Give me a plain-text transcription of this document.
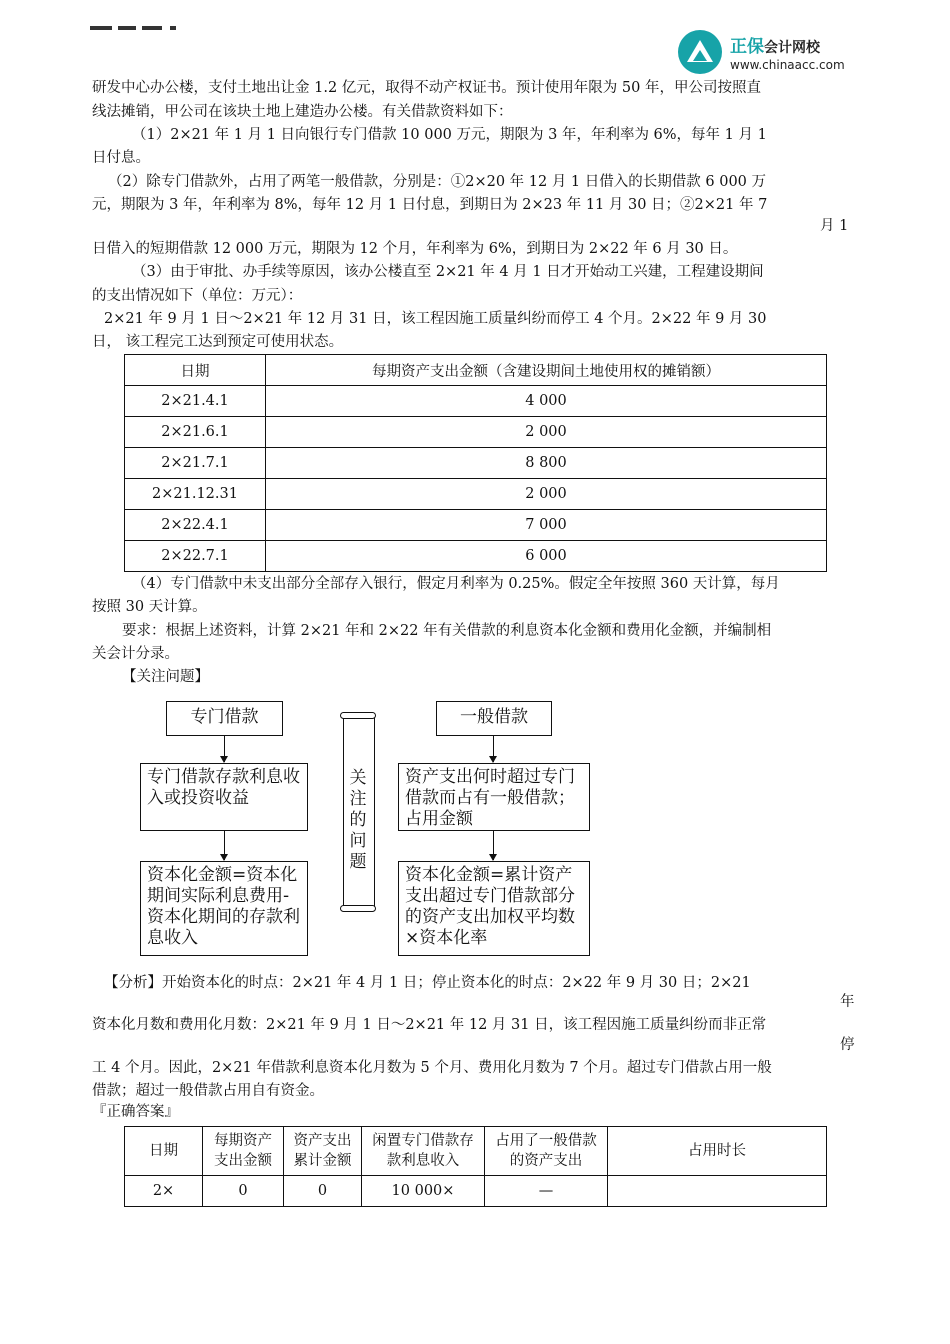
正保会计网校
www.chinaacc.com
研发中心办公楼，支付土地出让金 1.2 亿元，取得不动产权证书。预计使用年限为 50 年，甲公司按照直
线法摊销，甲公司在该块土地上建造办公楼。有关借款资料如下：
（1）2×21 年 1 月 1 日向银行专门借款 10 000 万元，期限为 3 年，年利率为 6%，每年 1 月 1
日付息。
（2）除专门借款外，占用了两笔一般借款，分别是：①2×20 年 12 月 1 日借入的长期借款 6 000 万
元，期限为 3 年，年利率为 8%，每年 12 月 1 日付息，到期日为 2×23 年 11 月 30 日；②2×21 年 7
月 1
日借入的短期借款 12 000 万元，期限为 12 个月，年利率为 6%，到期日为 2×22 年 6 月 30 日。
（3）由于审批、办手续等原因，该办公楼直至 2×21 年 4 月 1 日才开始动工兴建，工程建设期间
的支出情况如下（单位：万元）：
2×21 年 9 月 1 日～2×21 年 12 月 31 日，该工程因施工质量纠纷而停工 4 个月。2×22 年 9 月 30
日， 该工程完工达到预定可使用状态。
日期	每期资产支出金额（含建设期间土地使用权的摊销额）
2×21.4.1	4 000
2×21.6.1	2 000
2×21.7.1	8 800
2×21.12.31	2 000
2×22.4.1	7 000
2×22.7.1	6 000
（4）专门借款中未支出部分全部存入银行，假定月利率为 0.25%。假定全年按照 360 天计算，每月
按照 30 天计算。
要求：根据上述资料，计算 2×21 年和 2×22 年有关借款的利息资本化金额和费用化金额，并编制相
关会计分录。
【关注问题】
专门借款
专门借款存款利息收入或投资收益
资本化金额=资本化期间实际利息费用-资本化期间的存款利息收入
关注的问题
一般借款
资产支出何时超过专门借款而占有一般借款；占用金额
资本化金额=累计资产支出超过专门借款部分的资产支出加权平均数×资本化率
【分析】开始资本化的时点：2×21 年 4 月 1 日；停止资本化的时点：2×22 年 9 月 30 日；2×21
年
资本化月数和费用化月数：2×21 年 9 月 1 日～2×21 年 12 月 31 日，该工程因施工质量纠纷而非正常
停
工 4 个月。因此，2×21 年借款利息资本化月数为 5 个月、费用化月数为 7 个月。超过专门借款占用一般
借款；超过一般借款占用自有资金。
『正确答案』
日期	每期资产支出金额	资产支出累计金额	闲置专门借款存款利息收入	占用了一般借款的资产支出	占用时长
2×	0	0	10 000×	—	
